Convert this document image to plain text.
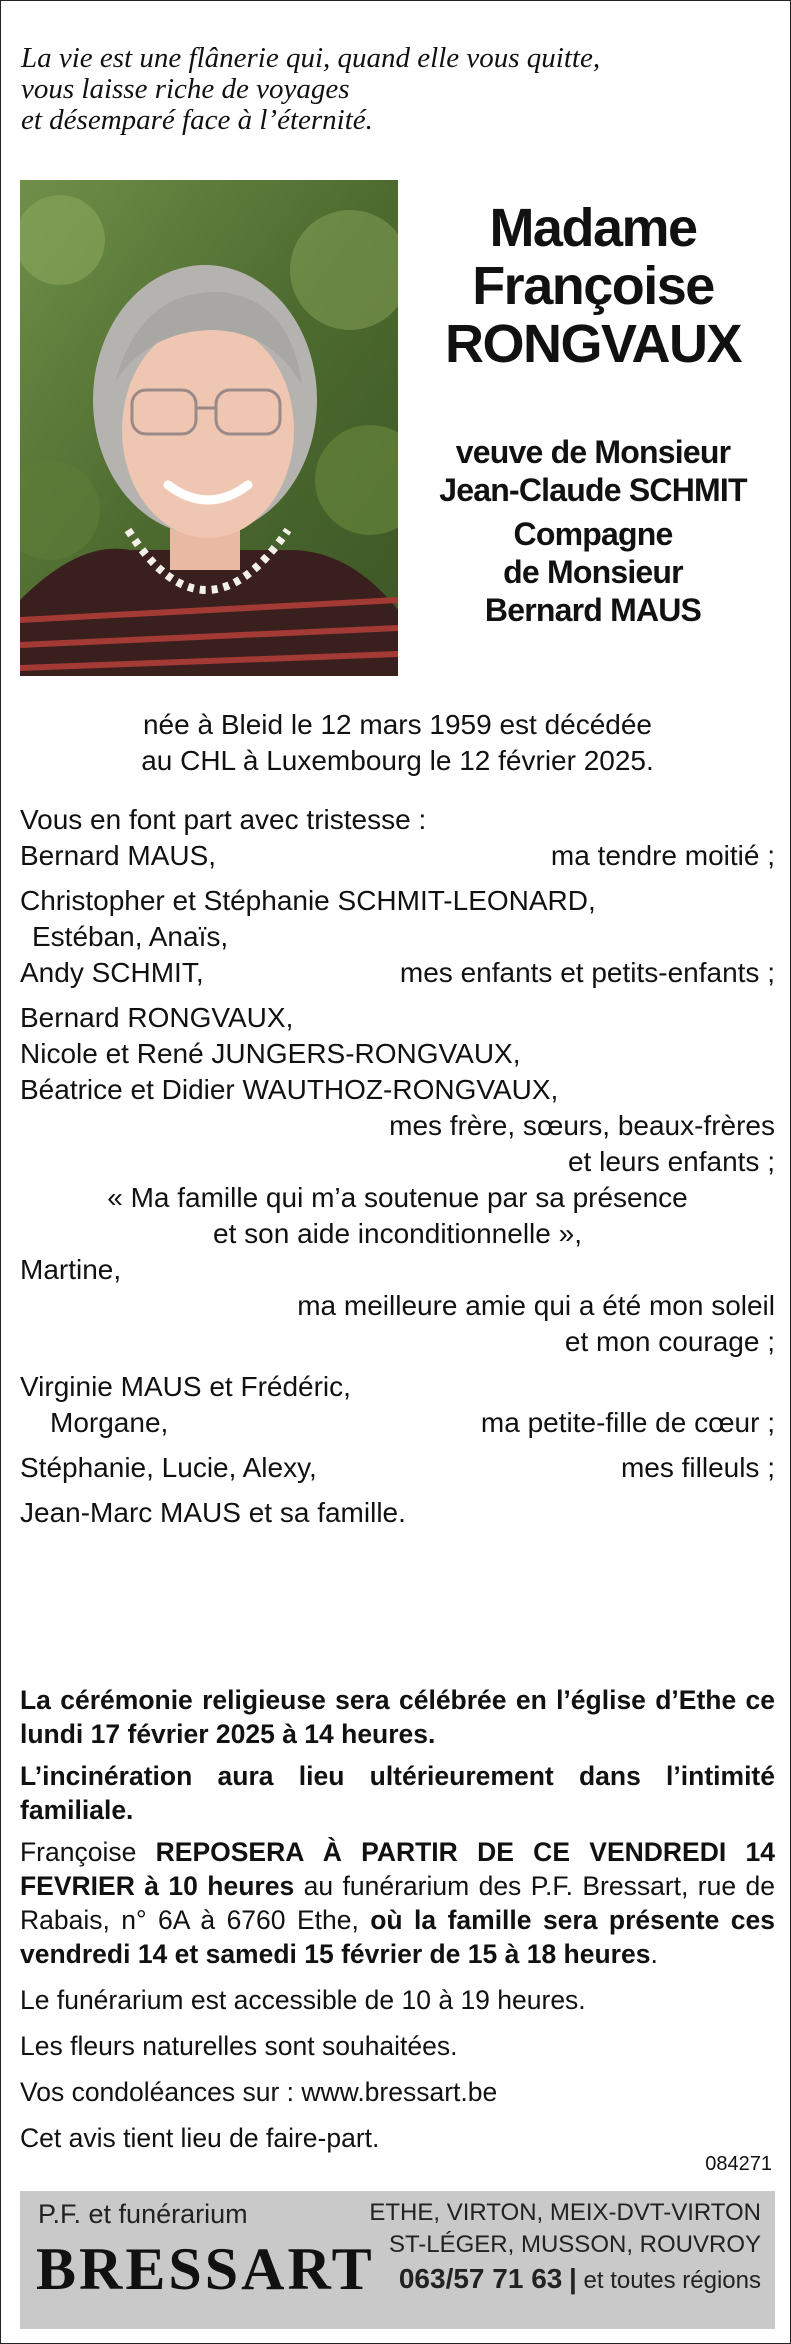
La vie est une flânerie qui, quand elle vous quitte,
vous laisse riche de voyages
et désemparé face à l’éternité.
Madame
Françoise
RONGVAUX
veuve de Monsieur
Jean-Claude SCHMIT
Compagne
de Monsieur
Bernard MAUS
née à Bleid le 12 mars 1959 est décédée
au CHL à Luxembourg le 12 février 2025.
Vous en font part avec tristesse :
Bernard MAUS,	ma tendre moitié ;
Christopher et Stéphanie SCHMIT-LEONARD,
Estéban, Anaïs,
Andy SCHMIT,	mes enfants et petits-enfants ;
Bernard RONGVAUX,
Nicole et René JUNGERS-RONGVAUX,
Béatrice et Didier WAUTHOZ-RONGVAUX,
mes frère, sœurs, beaux-frères
et leurs enfants ;
« Ma famille qui m’a soutenue par sa présence
et son aide inconditionnelle »,
Martine,
ma meilleure amie qui a été mon soleil
et mon courage ;
Virginie MAUS et Frédéric,
Morgane,	ma petite-fille de cœur ;
Stéphanie, Lucie, Alexy,	mes filleuls ;
Jean-Marc MAUS et sa famille.
La cérémonie religieuse sera célébrée en l’église d’Ethe ce lundi 17 février 2025 à 14 heures.
L’incinération aura lieu ultérieurement dans l’intimité familiale.
Françoise REPOSERA À PARTIR DE CE VENDREDI 14 FEVRIER à 10 heures au funérarium des P.F. Bressart, rue de Rabais, n° 6A à 6760 Ethe, où la famille sera présente ces vendredi 14 et samedi 15 février de 15 à 18 heures.
Le funérarium est accessible de 10 à 19 heures.
Les fleurs naturelles sont souhaitées.
Vos condoléances sur : www.bressart.be
Cet avis tient lieu de faire-part.
084271
P.F. et funérarium
BRESSART
ETHE, VIRTON, MEIX-DVT-VIRTON
ST-LÉGER, MUSSON, ROUVROY
063/57 71 63 | et toutes régions
